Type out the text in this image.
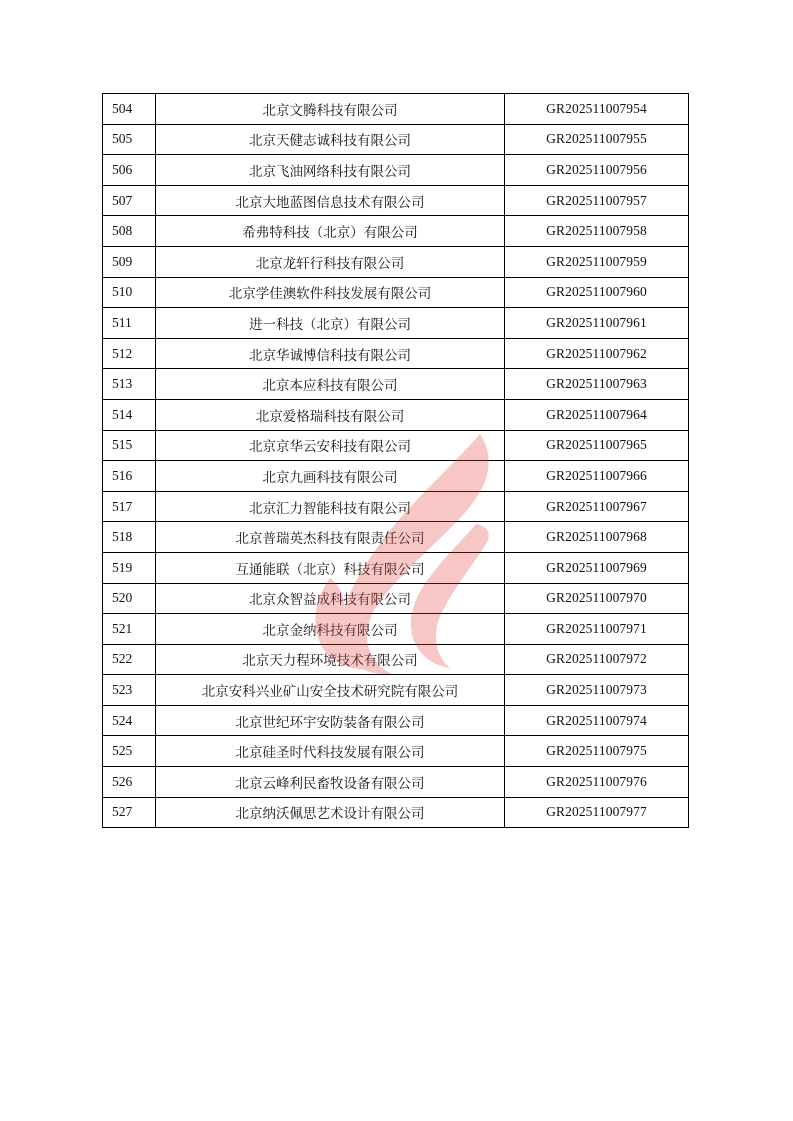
504	北京文腾科技有限公司	GR202511007954
505	北京天健志诚科技有限公司	GR202511007955
506	北京飞油网络科技有限公司	GR202511007956
507	北京大地蓝图信息技术有限公司	GR202511007957
508	希弗特科技（北京）有限公司	GR202511007958
509	北京龙轩行科技有限公司	GR202511007959
510	北京学佳澳软件科技发展有限公司	GR202511007960
511	进一科技（北京）有限公司	GR202511007961
512	北京华诚博信科技有限公司	GR202511007962
513	北京本应科技有限公司	GR202511007963
514	北京爱格瑞科技有限公司	GR202511007964
515	北京京华云安科技有限公司	GR202511007965
516	北京九画科技有限公司	GR202511007966
517	北京汇力智能科技有限公司	GR202511007967
518	北京普瑞英杰科技有限责任公司	GR202511007968
519	互通能联（北京）科技有限公司	GR202511007969
520	北京众智益成科技有限公司	GR202511007970
521	北京金纳科技有限公司	GR202511007971
522	北京天力程环境技术有限公司	GR202511007972
523	北京安科兴业矿山安全技术研究院有限公司	GR202511007973
524	北京世纪环宇安防装备有限公司	GR202511007974
525	北京硅圣时代科技发展有限公司	GR202511007975
526	北京云峰利民畜牧设备有限公司	GR202511007976
527	北京纳沃佩思艺术设计有限公司	GR202511007977
